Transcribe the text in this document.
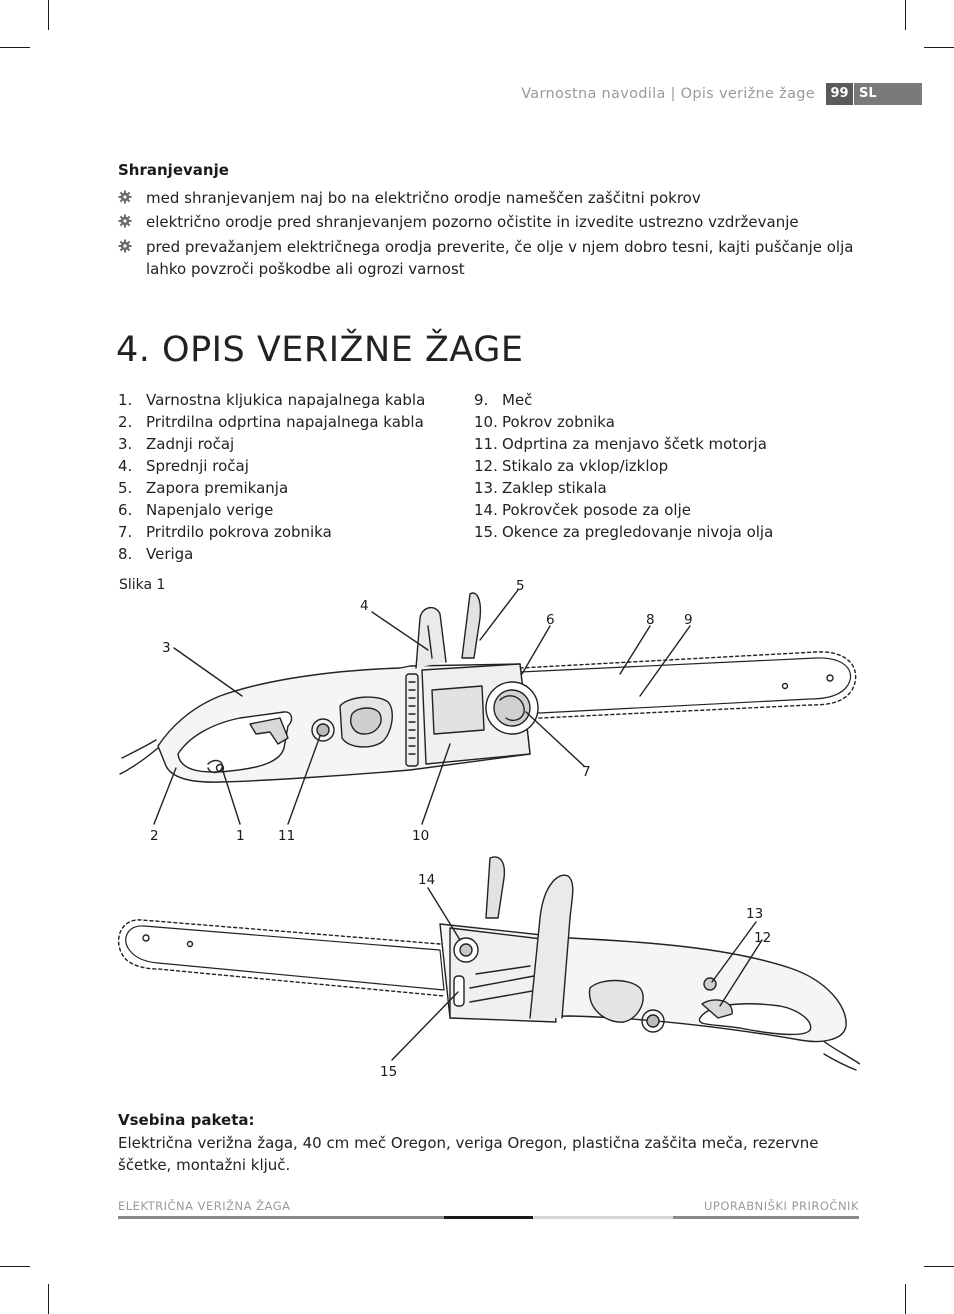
Varnostna navodila | Opis verižne žage	99 SL
Shranjevanje
med shranjevanjem naj bo na električno orodje nameščen zaščitni pokrov
električno orodje pred shranjevanjem pozorno očistite in izvedite ustrezno vzdrževanje
pred prevažanjem električnega orodja preverite, če olje v njem dobro tesni, kajti puščanje olja lahko povzroči poškodbe ali ogrozi varnost
4. OPIS VERIŽNE ŽAGE
1. Varnostna kljukica napajalnega kabla
2. Pritrdilna odprtina napajalnega kabla
3. Zadnji ročaj
4. Sprednji ročaj
5. Zapora premikanja
6. Napenjalo verige
7. Pritrdilo pokrova zobnika
8. Veriga
9. Meč
10. Pokrov zobnika
11. Odprtina za menjavo ščetk motorja
12. Stikalo za vklop/izklop
13. Zaklep stikala
14. Pokrovček posode za olje
15. Okence za pregledovanje nivoja olja
Slika 1
3
4
5
6	8 9
7
2	1 11	10
14
13
12
15
Vsebina paketa:
Električna verižna žaga, 40 cm meč Oregon, veriga Oregon, plastična zaščita meča, rezervne ščetke, montažni ključ.
ELEKTRIČNA VERIŽNA ŽAGA	UPORABNIŠKI PRIROČNIK
